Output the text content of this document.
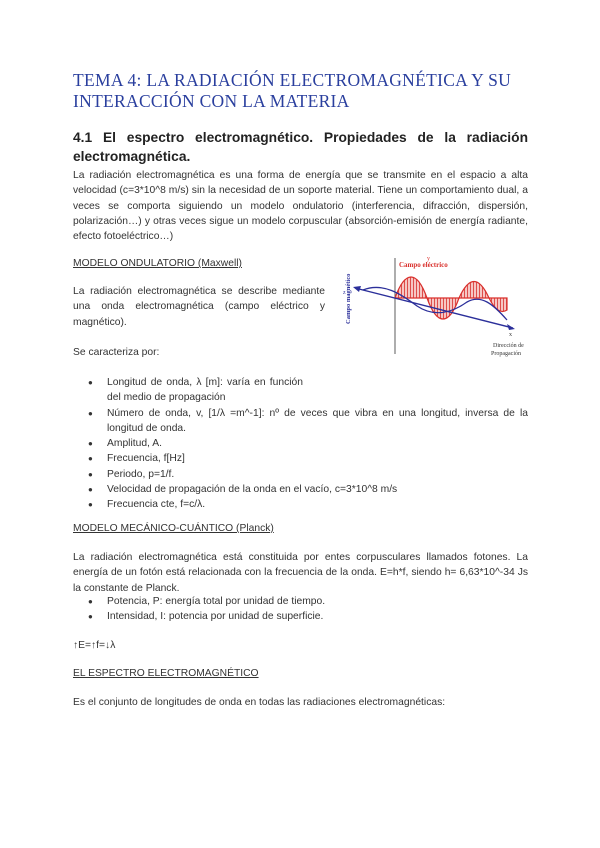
TEMA 4: LA RADIACIÓN ELECTROMAGNÉTICA Y SU INTERACCIÓN CON LA MATERIA
4.1 El espectro electromagnético. Propiedades de la radiación electromagnética.
La radiación electromagnética es una forma de energía que se transmite en el espacio a alta velocidad (c=3*10^8 m/s) sin la necesidad de un soporte material. Tiene un comportamiento dual, a veces se comporta siguiendo un modelo ondulatorio (interferencia, difracción, dispersión, polarización…) y otras veces sigue un modelo corpuscular (absorción-emisión de energía radiante, efecto fotoeléctrico…)
MODELO ONDULATORIO (Maxwell)
La radiación electromagnética se describe mediante una onda electromagnética (campo eléctrico y magnético).
Se caracteriza por:
Campo eléctrico
y
Campo magnético
z
x
Dirección de
Propagación
● Longitud de onda, λ [m]: varía en función del medio de propagación
● Número de onda, v, [1/λ =m^-1]: nº de veces que vibra en una longitud, inversa de la longitud de onda.
● Amplitud, A.
● Frecuencia, f[Hz]
● Periodo, p=1/f.
● Velocidad de propagación de la onda en el vacío, c=3*10^8 m/s
● Frecuencia cte, f=c/λ.
MODELO MECÁNICO-CUÁNTICO (Planck)
La radiación electromagnética está constituida por entes corpusculares llamados fotones. La energía de un fotón está relacionada con la frecuencia de la onda. E=h*f, siendo h= 6,63*10^-34 Js la constante de Planck.
● Potencia, P: energía total por unidad de tiempo.
● Intensidad, I: potencia por unidad de superficie.
↑E=↑f=↓λ
EL ESPECTRO ELECTROMAGNÉTICO
Es el conjunto de longitudes de onda en todas las radiaciones electromagnéticas:
